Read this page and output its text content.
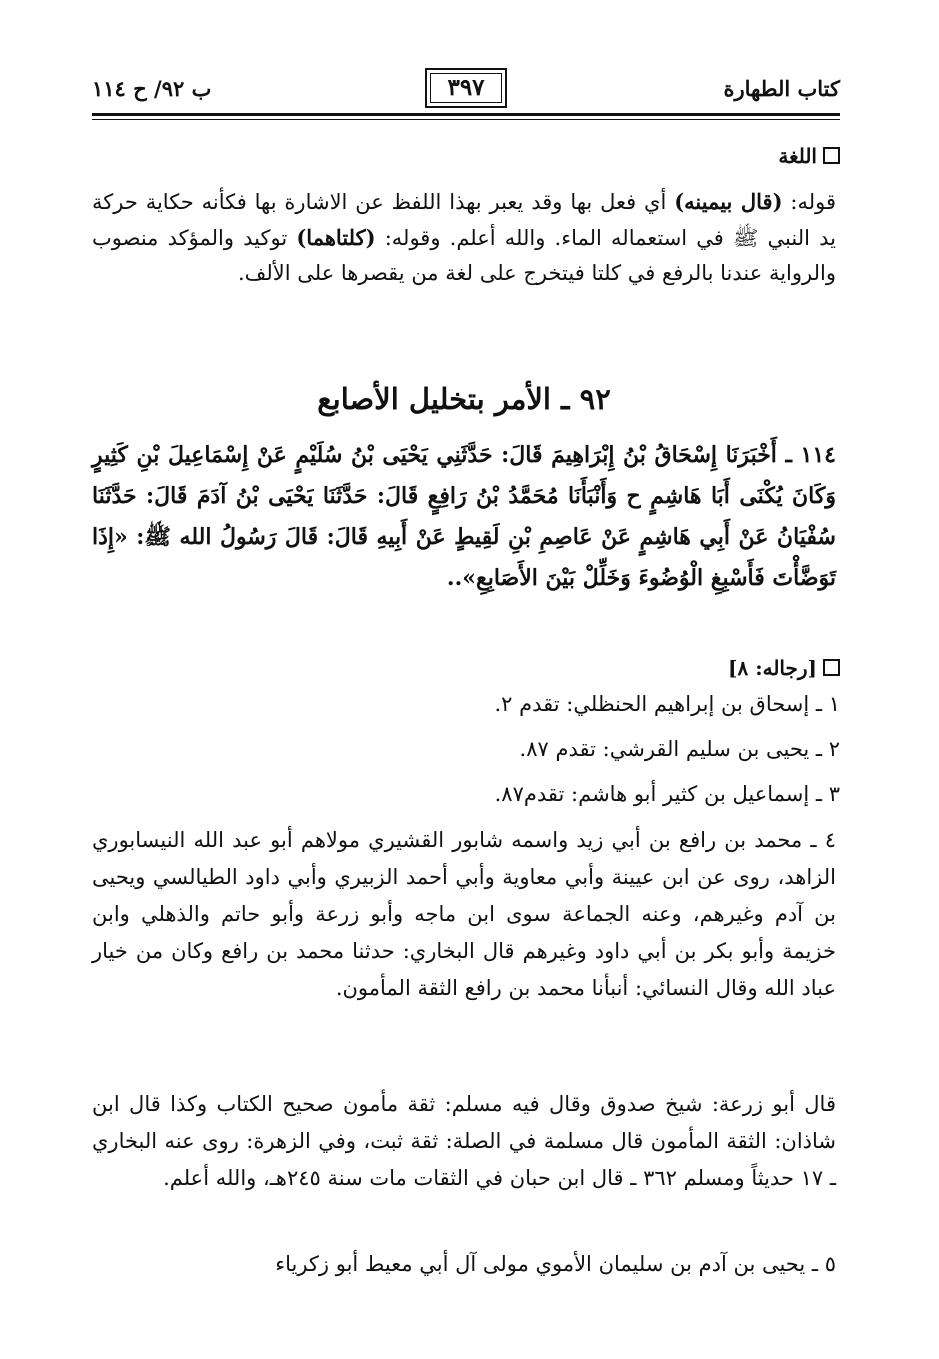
كتاب الطهارة
٣٩٧
ب ٩٢/ ح ١١٤
اللغة
قوله: (قال بيمينه) أي فعل بها وقد يعبر بهذا اللفظ عن الاشارة بها فكأنه حكاية حركة يد النبي ﷺ في استعماله الماء. والله أعلم. وقوله: (كلتاهما) توكيد والمؤكد منصوب والرواية عندنا بالرفع في كلتا فيتخرج على لغة من يقصرها على الألف.
٩٢ ـ الأمر بتخليل الأصابع
١١٤ ـ أَخْبَرَنَا إِسْحَاقُ بْنُ إِبْرَاهِيمَ قَالَ: حَدَّثَنِي يَحْيَى بْنُ سُلَيْمٍ عَنْ إِسْمَاعِيلَ بْنِ كَثِيرٍ وَكَانَ يُكْنَى أَبَا هَاشِمٍ ح وَأَنْبَأَنَا مُحَمَّدُ بْنُ رَافِعٍ قَالَ: حَدَّثَنَا يَحْيَى بْنُ آدَمَ قَالَ: حَدَّثَنَا سُفْيَانُ عَنْ أَبِي هَاشِمٍ عَنْ عَاصِمِ بْنِ لَقِيطٍ عَنْ أَبِيهِ قَالَ: قَالَ رَسُولُ الله ﷺ: «إِذَا تَوَضَّأْتَ فَأَسْبِغِ الْوُضُوءَ وَخَلِّلْ بَيْنَ الأَصَابِعِ»..
[رجاله: ٨]
١ ـ إسحاق بن إبراهيم الحنظلي: تقدم ٢.
٢ ـ يحيى بن سليم القرشي: تقدم ٨٧.
٣ ـ إسماعيل بن كثير أبو هاشم: تقدم٨٧.
٤ ـ محمد بن رافع بن أبي زيد واسمه شابور القشيري مولاهم أبو عبد الله النيسابوري الزاهد، روى عن ابن عيينة وأبي معاوية وأبي أحمد الزبيري وأبي داود الطيالسي ويحيى بن آدم وغيرهم، وعنه الجماعة سوى ابن ماجه وأبو زرعة وأبو حاتم والذهلي وابن خزيمة وأبو بكر بن أبي داود وغيرهم قال البخاري: حدثنا محمد بن رافع وكان من خيار عباد الله وقال النسائي: أنبأنا محمد بن رافع الثقة المأمون.
قال أبو زرعة: شيخ صدوق وقال فيه مسلم: ثقة مأمون صحيح الكتاب وكذا قال ابن شاذان: الثقة المأمون قال مسلمة في الصلة: ثقة ثبت، وفي الزهرة: روى عنه البخاري ـ ١٧ حديثاً ومسلم ٣٦٢ ـ قال ابن حبان في الثقات مات سنة ٢٤٥هـ، والله أعلم.
٥ ـ يحيى بن آدم بن سليمان الأموي مولى آل أبي معيط أبو زكرياء
